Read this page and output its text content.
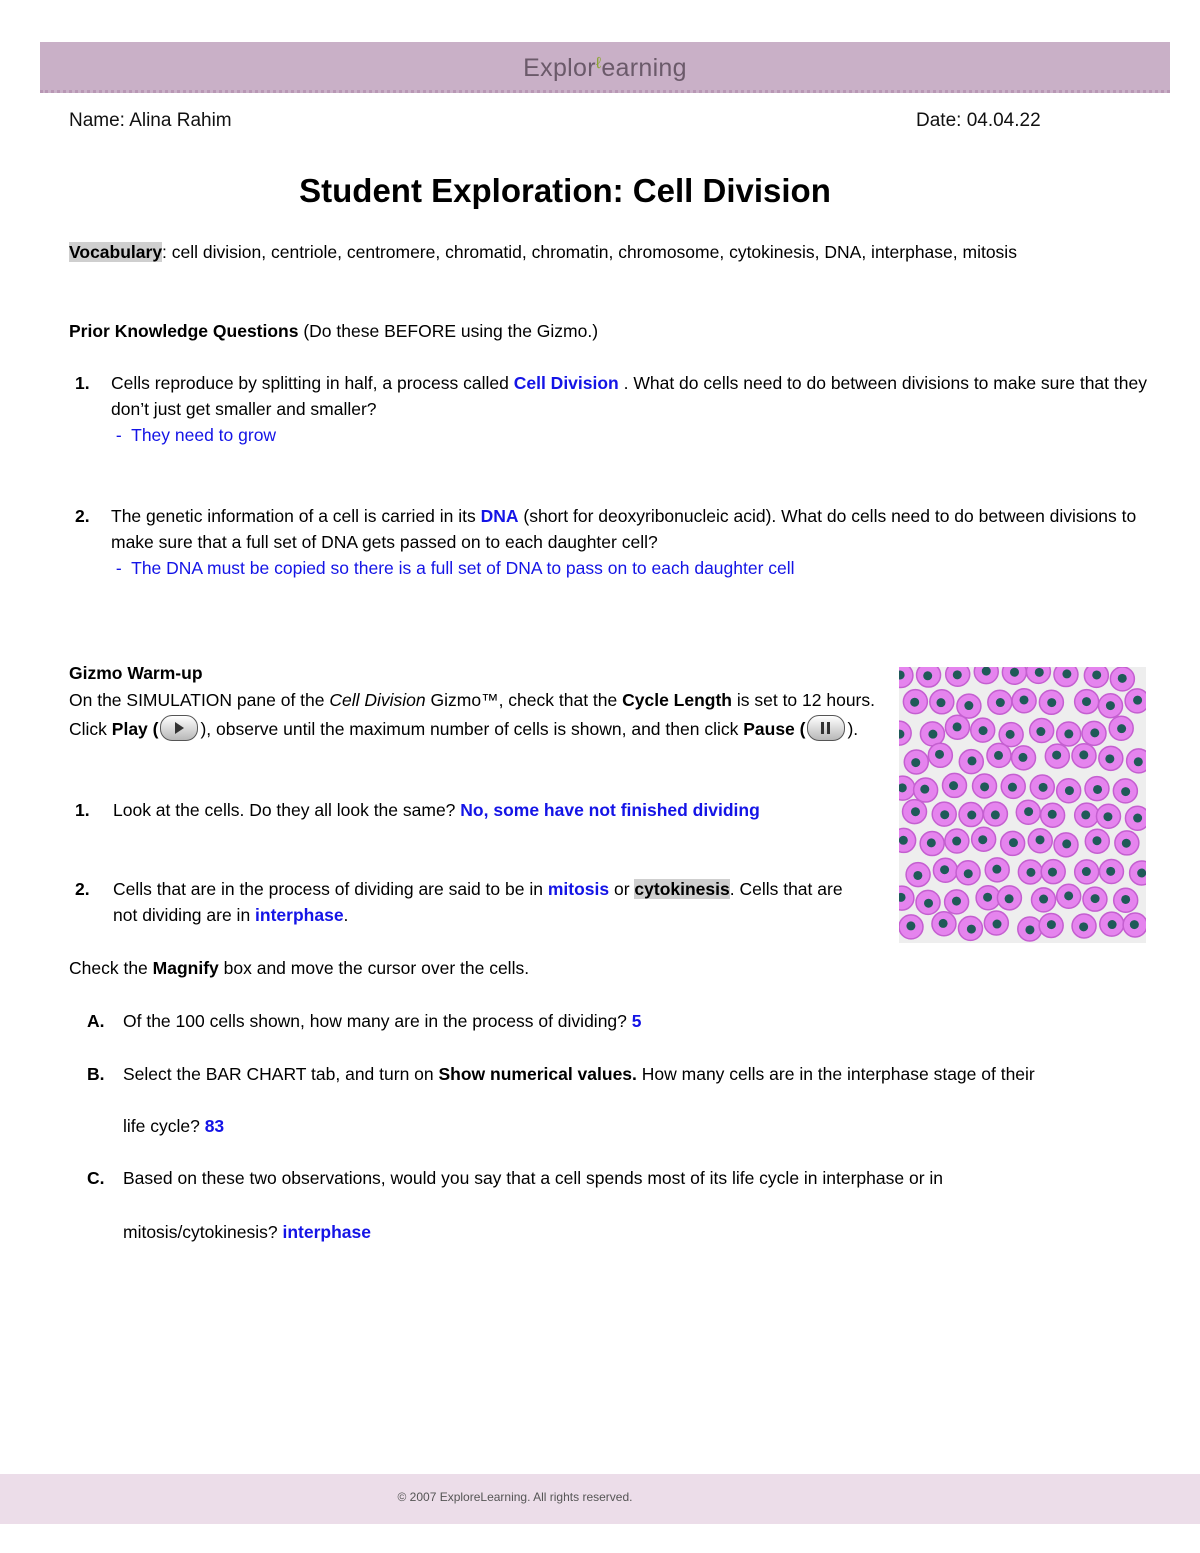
Explor$^\ell$earning
Name: Alina Rahim	Date: 04.04.22
Student Exploration: Cell Division
Vocabulary: cell division, centriole, centromere, chromatid, chromatin, chromosome, cytokinesis, DNA, interphase, mitosis
Prior Knowledge Questions (Do these BEFORE using the Gizmo.)
1. Cells reproduce by splitting in half, a process called Cell Division . What do cells need to do between divisions to make sure that they don’t just get smaller and smaller?
- They need to grow
2. The genetic information of a cell is carried in its DNA (short for deoxyribonucleic acid). What do cells need to do between divisions to make sure that a full set of DNA gets passed on to each daughter cell?
- The DNA must be copied so there is a full set of DNA to pass on to each daughter cell
Gizmo Warm-up
On the SIMULATION pane of the Cell Division Gizmo™, check that the Cycle Length is set to 12 hours. Click Play ( ), observe until the maximum number of cells is shown, and then click Pause ( ).
1. Look at the cells. Do they all look the same? No, some have not finished dividing
2. Cells that are in the process of dividing are said to be in mitosis or cytokinesis. Cells that are not dividing are in interphase.
Check the Magnify box and move the cursor over the cells.
A. Of the 100 cells shown, how many are in the process of dividing? 5
B. Select the BAR CHART tab, and turn on Show numerical values. How many cells are in the interphase stage of their
life cycle? 83
C. Based on these two observations, would you say that a cell spends most of its life cycle in interphase or in
mitosis/cytokinesis? interphase
© 2007 ExploreLearning. All rights reserved.
